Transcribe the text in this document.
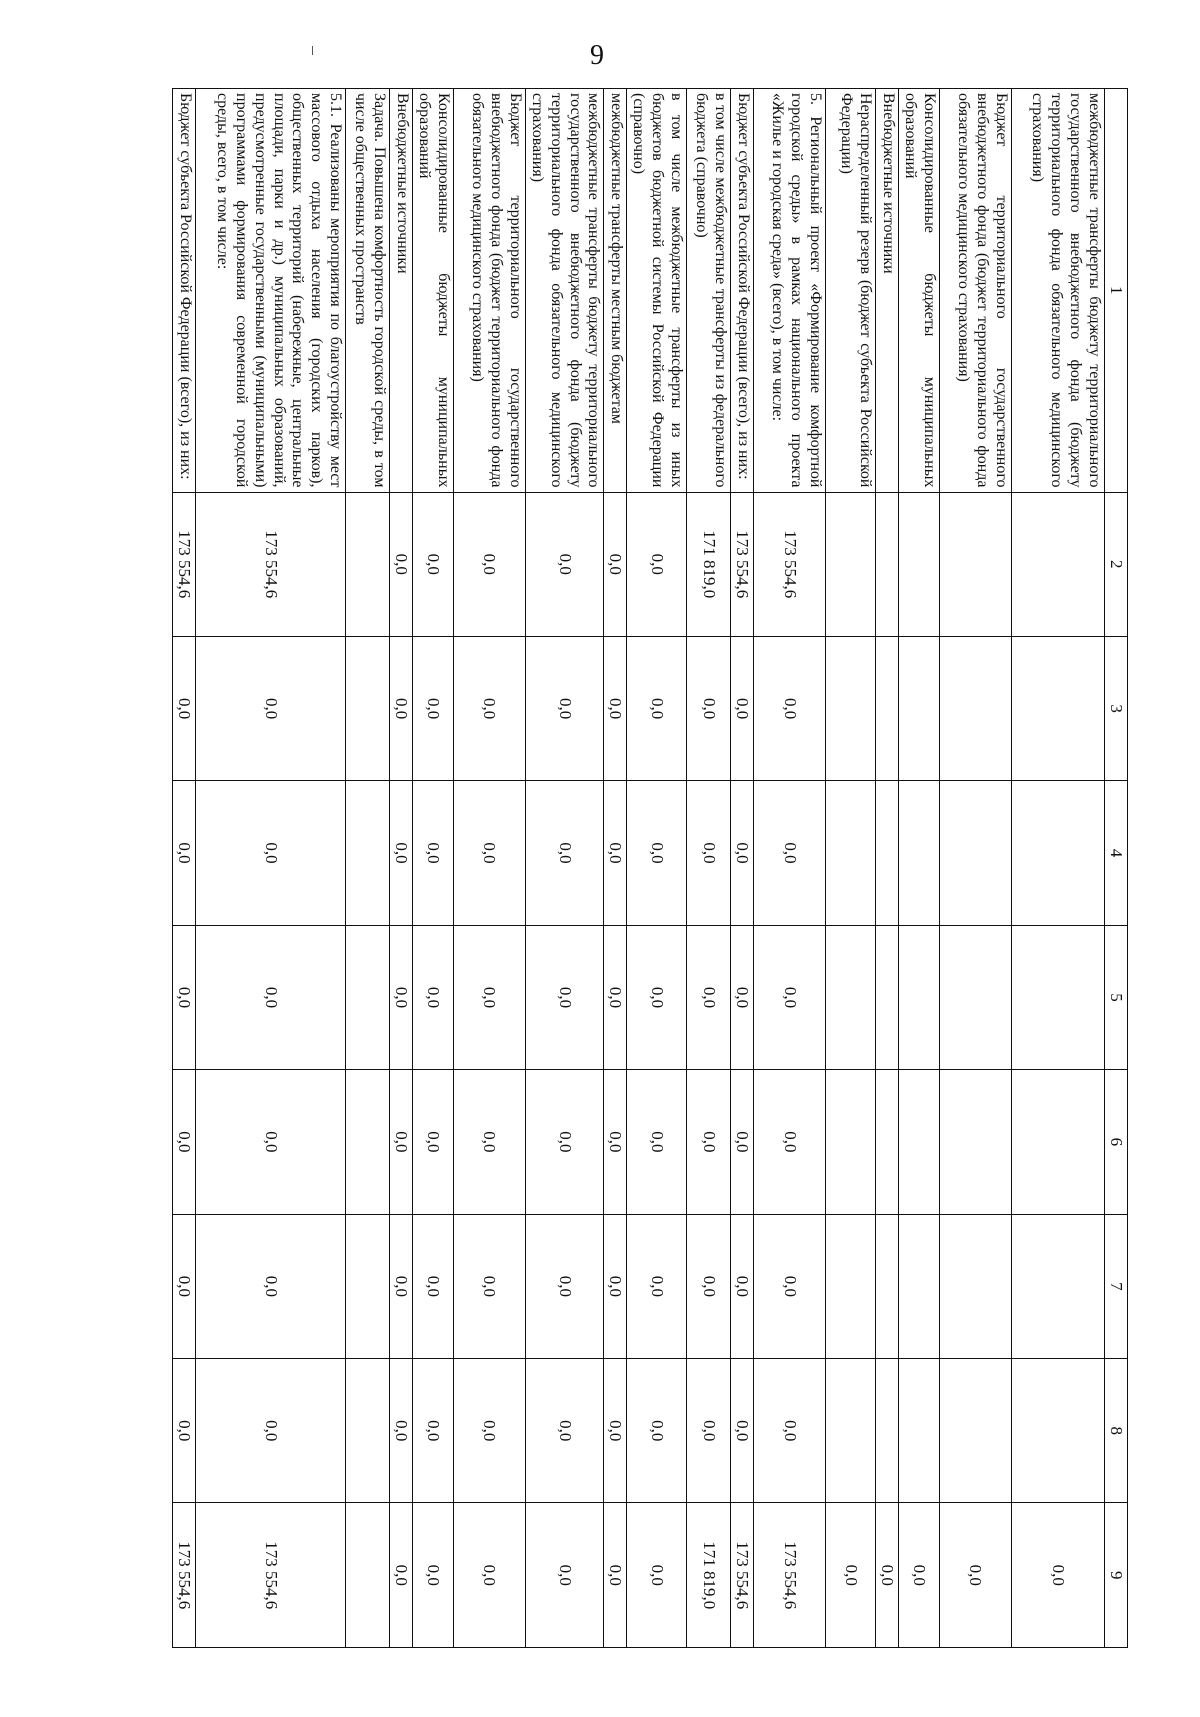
9
1	2	3	4	5	6	7	8	9
межбюджетные трансферты бюджету территориального государственного внебюджетного фонда (бюджету территориального фонда обязательного медицинского страхования)								0,0
Бюджет территориального государственного внебюджетного фонда (бюджет территориального фонда обязательного медицинского страхования)								0,0
Консолидированные бюджеты муниципальных образований								0,0
Внебюджетные источники								0,0
Нераспределенный резерв (бюджет субъекта Российской Федерации)								0,0
5. Региональный проект «Формирование комфортной городской среды» в рамках национального проекта «Жилье и городская среда» (всего), в том числе:	173 554,6	0,0	0,0	0,0	0,0	0,0	0,0	173 554,6
Бюджет субъекта Российской Федерации (всего), из них:	173 554,6	0,0	0,0	0,0	0,0	0,0	0,0	173 554,6
в том числе межбюджетные трансферты из федерального бюджета (справочно)	171 819,0	0,0	0,0	0,0	0,0	0,0	0,0	171 819,0
в том числе межбюджетные трансферты из иных бюджетов бюджетной системы Российской Федерации (справочно)	0,0	0,0	0,0	0,0	0,0	0,0	0,0	0,0
межбюджетные трансферты местным бюджетам	0,0	0,0	0,0	0,0	0,0	0,0	0,0	0,0
межбюджетные трансферты бюджету территориального государственного внебюджетного фонда (бюджету территориального фонда обязательного медицинского страхования)	0,0	0,0	0,0	0,0	0,0	0,0	0,0	0,0
Бюджет территориального государственного внебюджетного фонда (бюджет территориального фонда обязательного медицинского страхования)	0,0	0,0	0,0	0,0	0,0	0,0	0,0	0,0
Консолидированные бюджеты муниципальных образований	0,0	0,0	0,0	0,0	0,0	0,0	0,0	0,0
Внебюджетные источники	0,0	0,0	0,0	0,0	0,0	0,0	0,0	0,0
Задача. Повышена комфортность городской среды, в том числе общественных пространств								
5.1. Реализованы мероприятия по благоустройству мест массового отдыха населения (городских парков), общественных территорий (набережные, центральные площади, парки и др.) муниципальных образований, предусмотренные государственными (муниципальными) программами формирования современной городской среды, всего, в том числе:	173 554,6	0,0	0,0	0,0	0,0	0,0	0,0	173 554,6
Бюджет субъекта Российской Федерации (всего), из них:	173 554,6	0,0	0,0	0,0	0,0	0,0	0,0	173 554,6
